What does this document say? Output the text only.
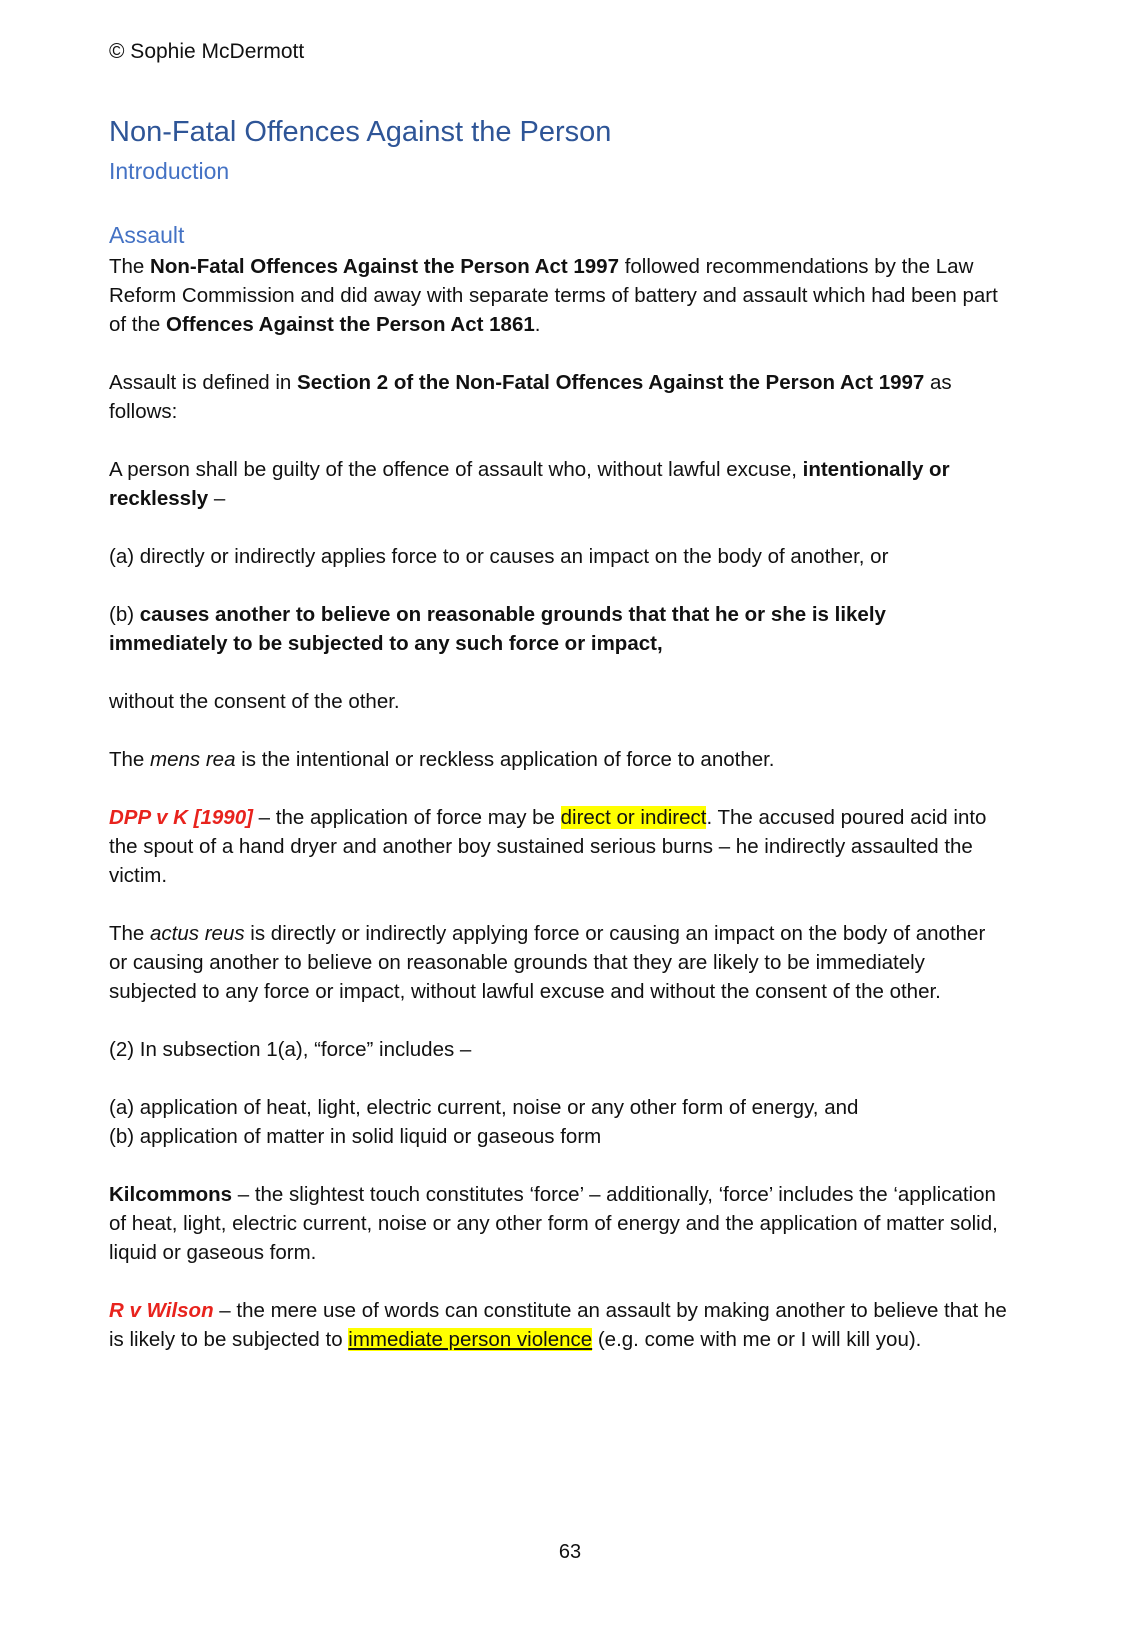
© Sophie McDermott
Non-Fatal Offences Against the Person
Introduction
Assault

The Non-Fatal Offences Against the Person Act 1997 followed recommendations by the Law Reform Commission and did away with separate terms of battery and assault which had been part of the Offences Against the Person Act 1861.

Assault is defined in Section 2 of the Non-Fatal Offences Against the Person Act 1997 as follows:

A person shall be guilty of the offence of assault who, without lawful excuse, intentionally or recklessly –

(a) directly or indirectly applies force to or causes an impact on the body of another, or

(b) causes another to believe on reasonable grounds that that he or she is likely immediately to be subjected to any such force or impact,

without the consent of the other.

The mens rea is the intentional or reckless application of force to another.

DPP v K [1990] – the application of force may be direct or indirect. The accused poured acid into the spout of a hand dryer and another boy sustained serious burns – he indirectly assaulted the victim.

The actus reus is directly or indirectly applying force or causing an impact on the body of another or causing another to believe on reasonable grounds that they are likely to be immediately subjected to any force or impact, without lawful excuse and without the consent of the other.

(2) In subsection 1(a), “force” includes –

(a) application of heat, light, electric current, noise or any other form of energy, and

(b) application of matter in solid liquid or gaseous form

Kilcommons – the slightest touch constitutes ‘force’ – additionally, ‘force’ includes the ‘application of heat, light, electric current, noise or any other form of energy and the application of matter solid, liquid or gaseous form.

R v Wilson – the mere use of words can constitute an assault by making another to believe that he is likely to be subjected to immediate person violence (e.g. come with me or I will kill you).

63
